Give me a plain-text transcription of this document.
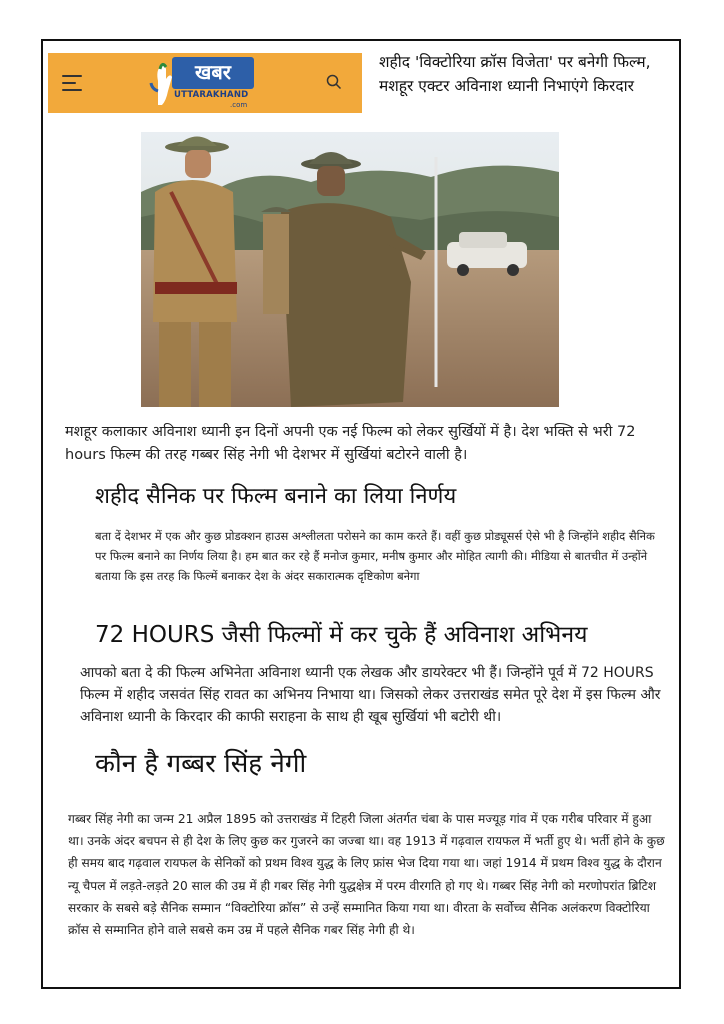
खबर
UTTARAKHAND
.com
शहीद 'विक्टोरिया क्रॉस विजेता' पर बनेगी फिल्म, मशहूर एक्टर अविनाश ध्यानी निभाएंगे किरदार
मशहूर कलाकार अविनाश ध्यानी इन दिनों अपनी एक नई फिल्म को लेकर सुर्खियों में है। देश भक्ति से भरी 72 hours फिल्म की तरह गब्बर सिंह नेगी भी देशभर में सुर्खियां बटोरने वाली है।
शहीद सैनिक पर फिल्म बनाने का लिया निर्णय
बता दें देशभर में एक और कुछ प्रोडक्शन हाउस अश्लीलता परोसने का काम करते हैं। वहीं कुछ प्रोड्यूसर्स ऐसे भी है जिन्होंने शहीद सैनिक पर फिल्म बनाने का निर्णय लिया है। हम बात कर रहे हैं मनोज कुमार, मनीष कुमार और मोहित त्यागी की। मीडिया से बातचीत में उन्होंने बताया कि इस तरह कि फिल्में बनाकर देश के अंदर सकारात्मक दृष्टिकोण बनेगा
72 HOURS जैसी फिल्मों में कर चुके हैं अविनाश अभिनय
आपको बता दे की फिल्म अभिनेता अविनाश ध्यानी एक लेखक और डायरेक्टर भी हैं। जिन्होंने पूर्व में 72 HOURS फिल्म में शहीद जसवंत सिंह रावत का अभिनय निभाया था। जिसको लेकर उत्तराखंड समेत पूरे देश में इस फिल्म और अविनाश ध्यानी के किरदार की काफी सराहना के साथ ही खूब सुर्खियां भी बटोरी थी।
कौन है गब्बर सिंह नेगी
गब्बर सिंह नेगी का जन्म 21 अप्रैल 1895 को उत्तराखंड में टिहरी जिला अंतर्गत चंबा के पास मज्यूड़ गांव में एक गरीब परिवार में हुआ था। उनके अंदर बचपन से ही देश के लिए कुछ कर गुजरने का जज्बा था। वह 1913 में गढ़वाल रायफल में भर्ती हुए थे। भर्ती होने के कुछ ही समय बाद गढ़वाल रायफल के सेनिकों को प्रथम विश्व युद्ध के लिए फ्रांस भेज दिया गया था। जहां 1914 में प्रथम विश्व युद्ध के दौरान न्यू चैपल में लड़ते-लड़ते 20 साल की उम्र में ही गबर सिंह नेगी युद्धक्षेत्र में परम वीरगति हो गए थे। गब्बर सिंह नेगी को मरणोपरांत ब्रिटिश सरकार के सबसे बड़े सैनिक सम्मान “विक्टोरिया क्रॉस” से उन्हें सम्मानित किया गया था। वीरता के सर्वोच्च सैनिक अलंकरण विक्टोरिया क्रॉस से सम्मानित होने वाले सबसे कम उम्र में पहले सैनिक गबर सिंह नेगी ही थे।
